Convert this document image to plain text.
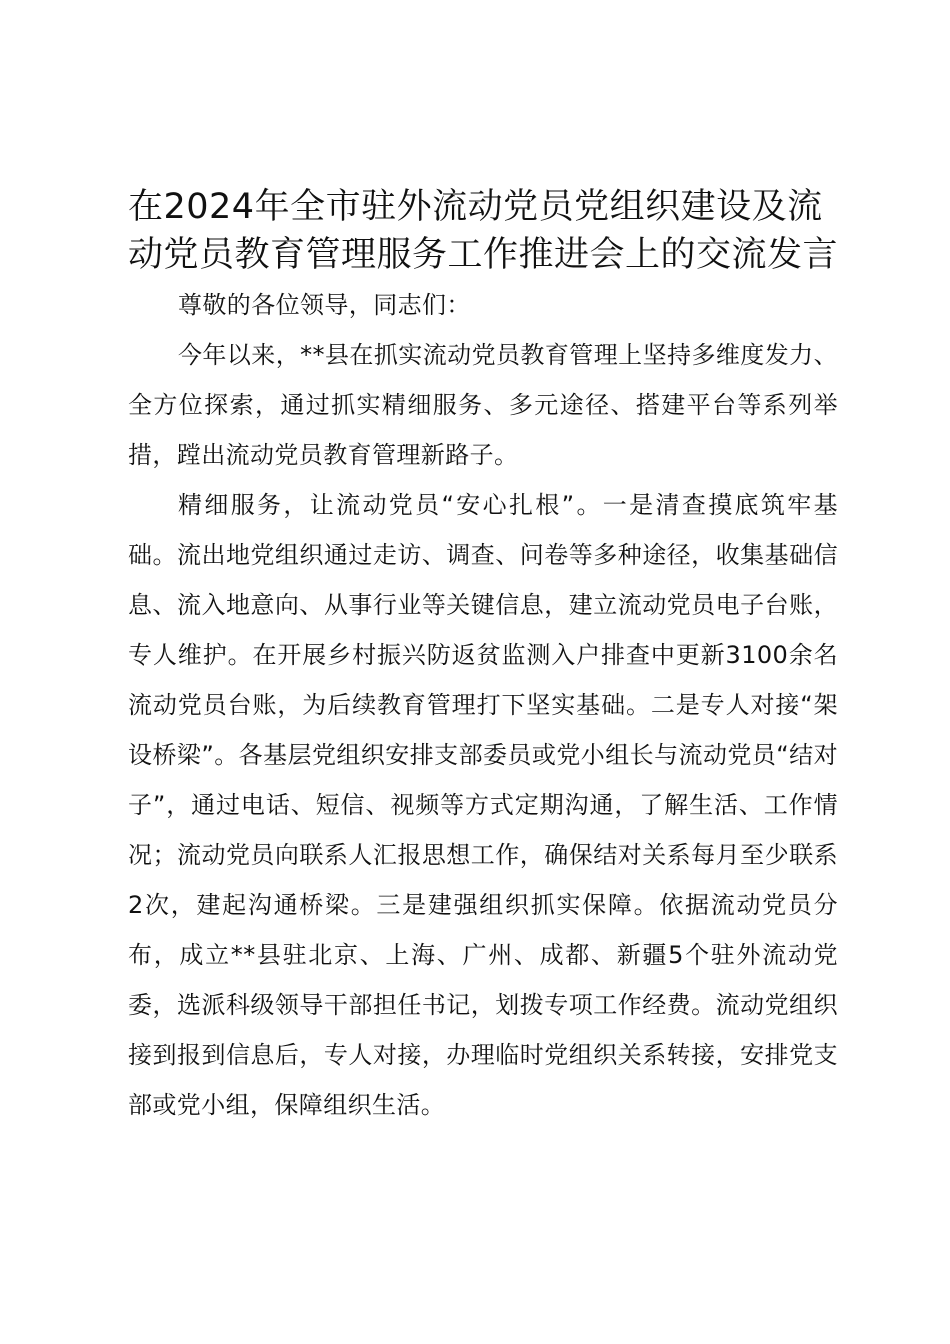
在2024年全市驻外流动党员党组织建设及流动党员教育管理服务工作推进会上的交流发言

尊敬的各位领导，同志们：

今年以来，**县在抓实流动党员教育管理上坚持多维度发力、全方位探索，通过抓实精细服务、多元途径、搭建平台等系列举措，蹚出流动党员教育管理新路子。

精细服务，让流动党员“安心扎根”。一是清查摸底筑牢基础。流出地党组织通过走访、调查、问卷等多种途径，收集基础信息、流入地意向、从事行业等关键信息，建立流动党员电子台账，专人维护。在开展乡村振兴防返贫监测入户排查中更新3100余名流动党员台账，为后续教育管理打下坚实基础。二是专人对接“架设桥梁”。各基层党组织安排支部委员或党小组长与流动党员“结对子”，通过电话、短信、视频等方式定期沟通，了解生活、工作情况；流动党员向联系人汇报思想工作，确保结对关系每月至少联系2次，建起沟通桥梁。三是建强组织抓实保障。依据流动党员分布，成立**县驻北京、上海、广州、成都、新疆5个驻外流动党委，选派科级领导干部担任书记，划拨专项工作经费。流动党组织接到报到信息后，专人对接，办理临时党组织关系转接，安排党支部或党小组，保障组织生活。
